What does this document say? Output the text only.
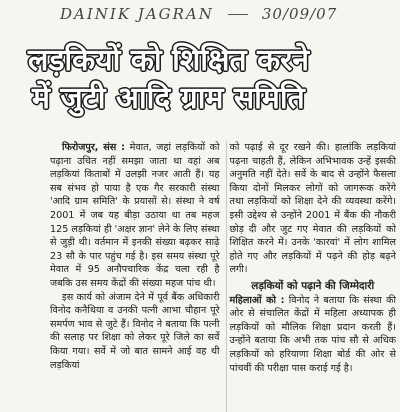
DAINIK JAGRAN	30/09/07
लड़कियों को शिक्षित करने
में जुटी आदि ग्राम समिति

फिरोजपुर, संस : मेवात, जहां लड़कियों को पढ़ाना उचित नहीं समझा जाता था वहां अब लड़कियां किताबों में उलझी नजर आती हैं। यह सब संभव हो पाया है एक गैर सरकारी संस्था 'आदि ग्राम समिति' के प्रयासों से। संस्था ने वर्ष 2001 में जब यह बीड़ा उठाया था तब महज 125 लड़कियां ही 'अक्षर ज्ञान' लेने के लिए संस्था से जुड़ी थी। वर्तमान में इनकी संख्या बढ़कर साढ़े 23 सौ के पार पहुंच गई है। इस समय संस्था पूरे मेवात में 95 अनौपचारिक केंद्र चला रही है जबकि उस समय केंद्रों की संख्या महज पांच थी।

इस कार्य को अंजाम देने में पूर्व बैंक अधिकारी विनोद कनैथिया व उनकी पत्नी आभा चौहान पूरे समर्पण भाव से जुटे हैं। विनोद ने बताया कि पत्नी की सलाह पर शिक्षा को लेकर पूरे जिले का सर्वे किया गया। सर्वे में जो बात सामने आई वह थी लड़कियां

को पढ़ाई से दूर रखने की। हालांकि लड़कियां पढ़ना चाहती हैं, लेकिन अभिभावक उन्हें इसकी अनुमति नहीं देते। सर्वे के बाद से उन्होंने फैसला किया दोनों मिलकर लोगों को जागरूक करेंगे तथा लड़कियों को शिक्षा देने की व्यवस्था करेंगे। इसी उद्देश्य से उन्होंने 2001 में बैंक की नौकरी छोड़ दी और जुट गए मेवात की लड़कियों को शिक्षित करने में। उनके 'कारवां' में लोग शामिल होते गए और लड़कियों में पढ़ने की होड़ बढ़ने लगी।

लड़कियों को पढ़ाने की जिम्मेदारी

महिलाओं को : विनोद ने बताया कि संस्था की ओर से संचालित केंद्रों में महिला अध्यापक ही लड़कियों को मौलिक शिक्षा प्रदान करती हैं। उन्होंने बताया कि अभी तक पांच सौ से अधिक लड़कियों को हरियाणा शिक्षा बोर्ड की ओर से पांचवीं की परीक्षा पास कराई गई है।
